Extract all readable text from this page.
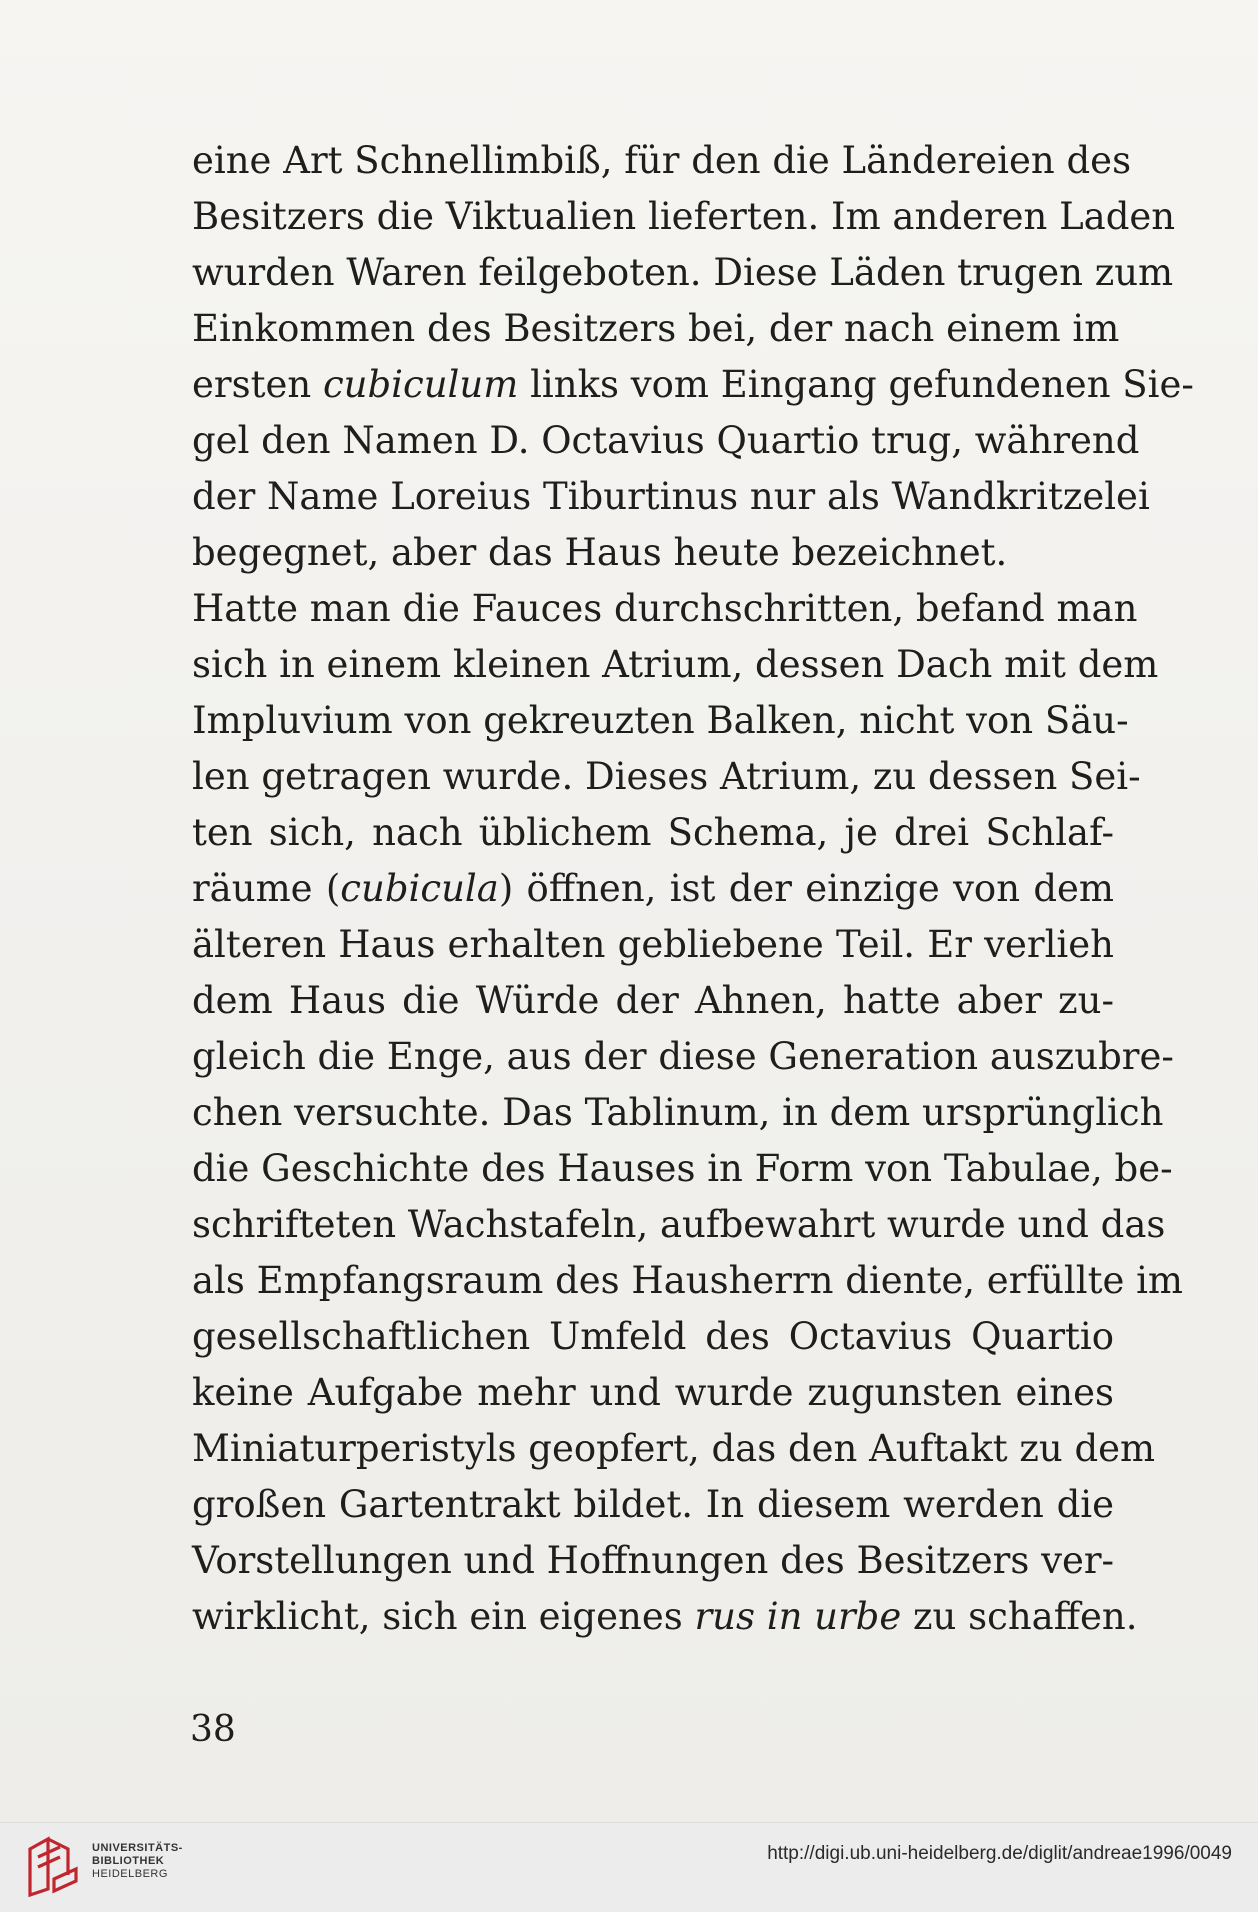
eine Art Schnellimbiß, für den die Ländereien des
Besitzers die Viktualien lieferten. Im anderen Laden
wurden Waren feilgeboten. Diese Läden trugen zum
Einkommen des Besitzers bei, der nach einem im
ersten cubiculum links vom Eingang gefundenen Sie-
gel den Namen D. Octavius Quartio trug, während
der Name Loreius Tiburtinus nur als Wandkritzelei
begegnet, aber das Haus heute bezeichnet.
Hatte man die Fauces durchschritten, befand man
sich in einem kleinen Atrium, dessen Dach mit dem
Impluvium von gekreuzten Balken, nicht von Säu-
len getragen wurde. Dieses Atrium, zu dessen Sei-
ten sich, nach üblichem Schema, je drei Schlaf-
räume (cubicula) öffnen, ist der einzige von dem
älteren Haus erhalten gebliebene Teil. Er verlieh
dem Haus die Würde der Ahnen, hatte aber zu-
gleich die Enge, aus der diese Generation auszubre-
chen versuchte. Das Tablinum, in dem ursprünglich
die Geschichte des Hauses in Form von Tabulae, be-
schrifteten Wachstafeln, aufbewahrt wurde und das
als Empfangsraum des Hausherrn diente, erfüllte im
gesellschaftlichen Umfeld des Octavius Quartio
keine Aufgabe mehr und wurde zugunsten eines
Miniaturperistyls geopfert, das den Auftakt zu dem
großen Gartentrakt bildet. In diesem werden die
Vorstellungen und Hoffnungen des Besitzers ver-
wirklicht, sich ein eigenes rus in urbe zu schaffen.
38
UNIVERSITÄTS-
BIBLIOTHEK
HEIDELBERG
http://digi.ub.uni-heidelberg.de/diglit/andreae1996/0049
